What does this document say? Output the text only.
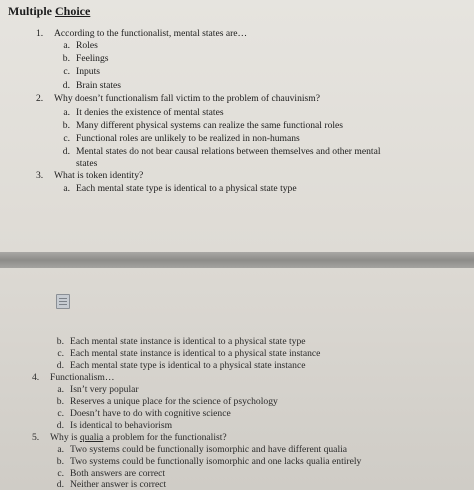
Multiple Choice
1. According to the functionalist, mental states are…
a. Roles
b. Feelings
c. Inputs
d. Brain states
2. Why doesn’t functionalism fall victim to the problem of chauvinism?
a. It denies the existence of mental states
b. Many different physical systems can realize the same functional roles
c. Functional roles are unlikely to be realized in non-humans
d. Mental states do not bear causal relations between themselves and other mental
states
3. What is token identity?
a. Each mental state type is identical to a physical state type
b. Each mental state instance is identical to a physical state type
c. Each mental state instance is identical to a physical state instance
d. Each mental state type is identical to a physical state instance
4. Functionalism…
a. Isn’t very popular
b. Reserves a unique place for the science of psychology
c. Doesn’t have to do with cognitive science
d. Is identical to behaviorism
5. Why is qualia a problem for the functionalist?
a. Two systems could be functionally isomorphic and have different qualia
b. Two systems could be functionally isomorphic and one lacks qualia entirely
c. Both answers are correct
d. Neither answer is correct
